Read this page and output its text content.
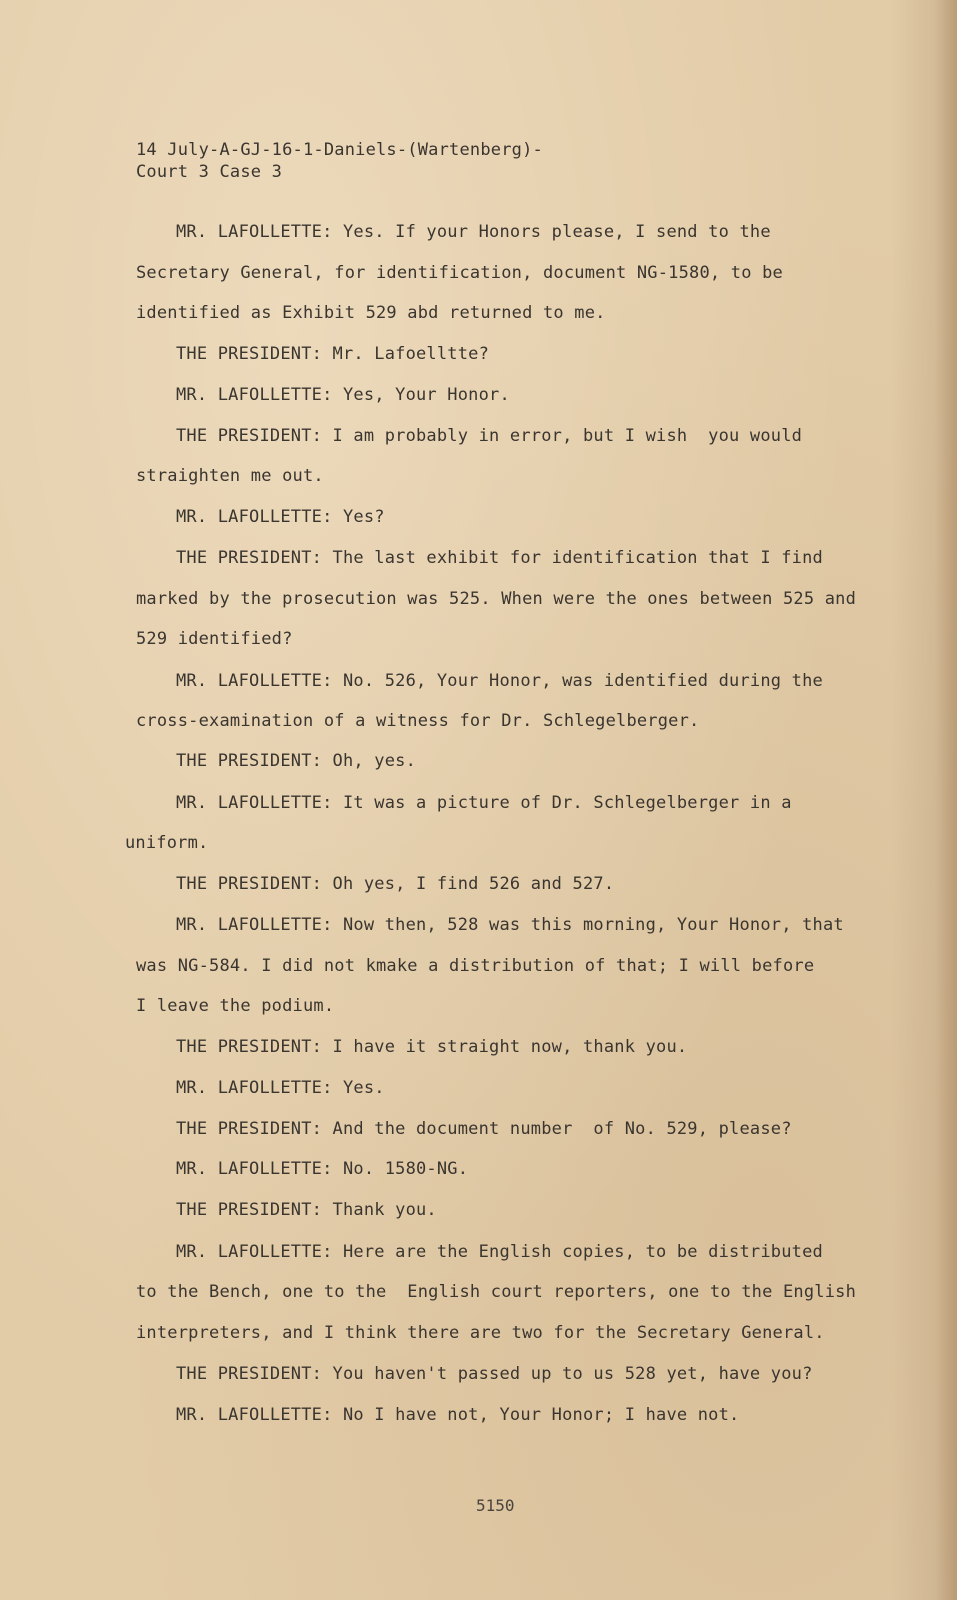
14 July-A-GJ-16-1-Daniels-(Wartenberg)-
Court 3 Case 3
MR. LAFOLLETTE: Yes. If your Honors please, I send to the
Secretary General, for identification, document NG-1580, to be
identified as Exhibit 529 abd returned to me.
THE PRESIDENT: Mr. Lafoelltte?
MR. LAFOLLETTE: Yes, Your Honor.
THE PRESIDENT: I am probably in error, but I wish  you would
straighten me out.
MR. LAFOLLETTE: Yes?
THE PRESIDENT: The last exhibit for identification that I find
marked by the prosecution was 525. When were the ones between 525 and
529 identified?
MR. LAFOLLETTE: No. 526, Your Honor, was identified during the
cross-examination of a witness for Dr. Schlegelberger.
THE PRESIDENT: Oh, yes.
MR. LAFOLLETTE: It was a picture of Dr. Schlegelberger in a
uniform.
THE PRESIDENT: Oh yes, I find 526 and 527.
MR. LAFOLLETTE: Now then, 528 was this morning, Your Honor, that
was NG-584. I did not kmake a distribution of that; I will before
I leave the podium.
THE PRESIDENT: I have it straight now, thank you.
MR. LAFOLLETTE: Yes.
THE PRESIDENT: And the document number  of No. 529, please?
MR. LAFOLLETTE: No. 1580-NG.
THE PRESIDENT: Thank you.
MR. LAFOLLETTE: Here are the English copies, to be distributed
to the Bench, one to the  English court reporters, one to the English
interpreters, and I think there are two for the Secretary General.
THE PRESIDENT: You haven't passed up to us 528 yet, have you?
MR. LAFOLLETTE: No I have not, Your Honor; I have not.
5150
